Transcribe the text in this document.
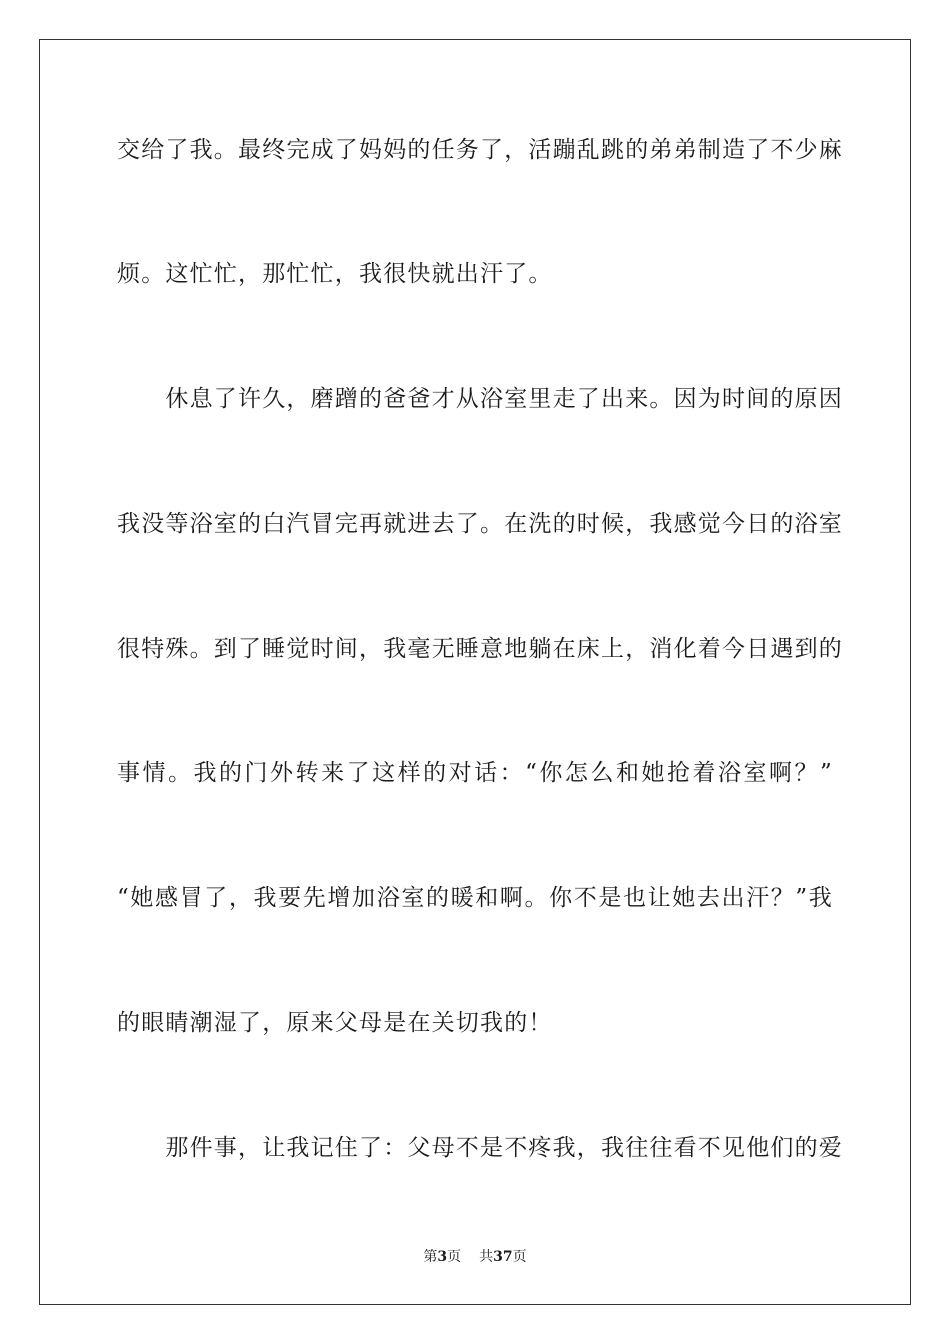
交给了我。最终完成了妈妈的任务了，活蹦乱跳的弟弟制造了不少麻
烦。这忙忙，那忙忙，我很快就出汗了。
　　休息了许久，磨蹭的爸爸才从浴室里走了出来。因为时间的原因
我没等浴室的白汽冒完再就进去了。在洗的时候，我感觉今日的浴室
很特殊。到了睡觉时间，我毫无睡意地躺在床上，消化着今日遇到的
事情。我的门外转来了这样的对话：“你怎么和她抢着浴室啊？”
“她感冒了，我要先增加浴室的暖和啊。你不是也让她去出汗？”我
的眼睛潮湿了，原来父母是在关切我的！
　　那件事，让我记住了：父母不是不疼我，我往往看不见他们的爱
第3页 共37页
